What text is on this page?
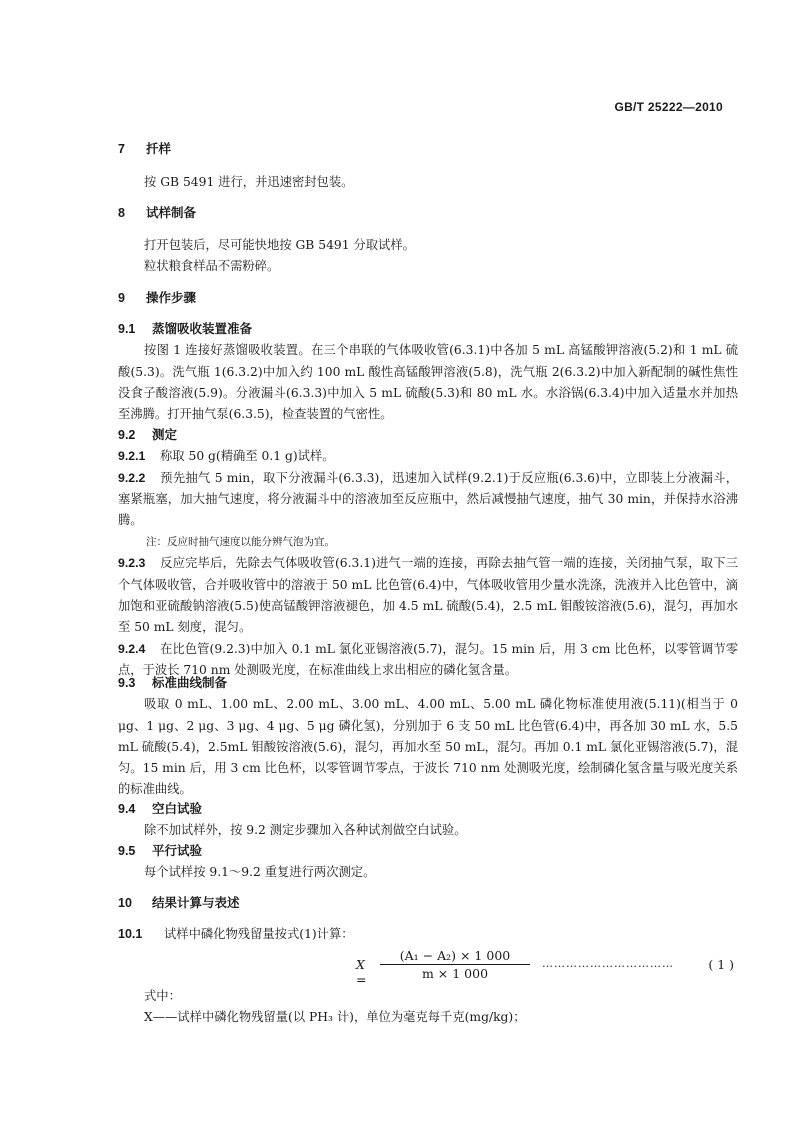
GB/T 25222—2010
7 扦样

按 GB 5491 进行，并迅速密封包装。

8 试样制备

打开包装后，尽可能快地按 GB 5491 分取试样。

粒状粮食样品不需粉碎。

9 操作步骤
9.1 蒸馏吸收装置准备

按图 1 连接好蒸馏吸收装置。在三个串联的气体吸收管(6.3.1)中各加 5 mL 高锰酸钾溶液(5.2)和 1 mL 硫酸(5.3)。洗气瓶 1(6.3.2)中加入约 100 mL 酸性高锰酸钾溶液(5.8)，洗气瓶 2(6.3.2)中加入新配制的碱性焦性没食子酸溶液(5.9)。分液漏斗(6.3.3)中加入 5 mL 硫酸(5.3)和 80 mL 水。水浴锅(6.3.4)中加入适量水并加热至沸腾。打开抽气泵(6.3.5)，检查装置的气密性。

9.2 测定
9.2.1 称取 50 g(精确至 0.1 g)试样。
9.2.2 预先抽气 5 min，取下分液漏斗(6.3.3)，迅速加入试样(9.2.1)于反应瓶(6.3.6)中，立即装上分液漏斗，塞紧瓶塞，加大抽气速度，将分液漏斗中的溶液加至反应瓶中，然后减慢抽气速度，抽气 30 min，并保持水浴沸腾。
注：反应时抽气速度以能分辨气泡为宜。
9.2.3 反应完毕后，先除去气体吸收管(6.3.1)进气一端的连接，再除去抽气管一端的连接，关闭抽气泵，取下三个气体吸收管，合并吸收管中的溶液于 50 mL 比色管(6.4)中，气体吸收管用少量水洗涤，洗液并入比色管中，滴加饱和亚硫酸钠溶液(5.5)使高锰酸钾溶液褪色，加 4.5 mL 硫酸(5.4)，2.5 mL 钼酸铵溶液(5.6)，混匀，再加水至 50 mL 刻度，混匀。
9.2.4 在比色管(9.2.3)中加入 0.1 mL 氯化亚锡溶液(5.7)，混匀。15 min 后，用 3 cm 比色杯，以零管调节零点，于波长 710 nm 处测吸光度，在标准曲线上求出相应的磷化氢含量。
9.3 标准曲线制备

吸取 0 mL、1.00 mL、2.00 mL、3.00 mL、4.00 mL、5.00 mL 磷化物标准使用液(5.11)(相当于 0 μg、1 μg、2 μg、3 μg、4 μg、5 μg 磷化氢)，分别加于 6 支 50 mL 比色管(6.4)中，再各加 30 mL 水，5.5 mL 硫酸(5.4)，2.5mL 钼酸铵溶液(5.6)，混匀，再加水至 50 mL，混匀。再加 0.1 mL 氯化亚锡溶液(5.7)，混匀。15 min 后，用 3 cm 比色杯，以零管调节零点，于波长 710 nm 处测吸光度，绘制磷化氢含量与吸光度关系的标准曲线。

9.4 空白试验

除不加试样外，按 9.2 测定步骤加入各种试剂做空白试验。

9.5 平行试验

每个试样按 9.1～9.2 重复进行两次测定。

10 结果计算与表述
10.1 试样中磷化物残留量按式(1)计算：
X =
(A₁ − A₂) × 1 000
m × 1 000
……………………………	( 1 )

式中：

X——试样中磷化物残留量(以 PH₃ 计)，单位为毫克每千克(mg/kg)；
